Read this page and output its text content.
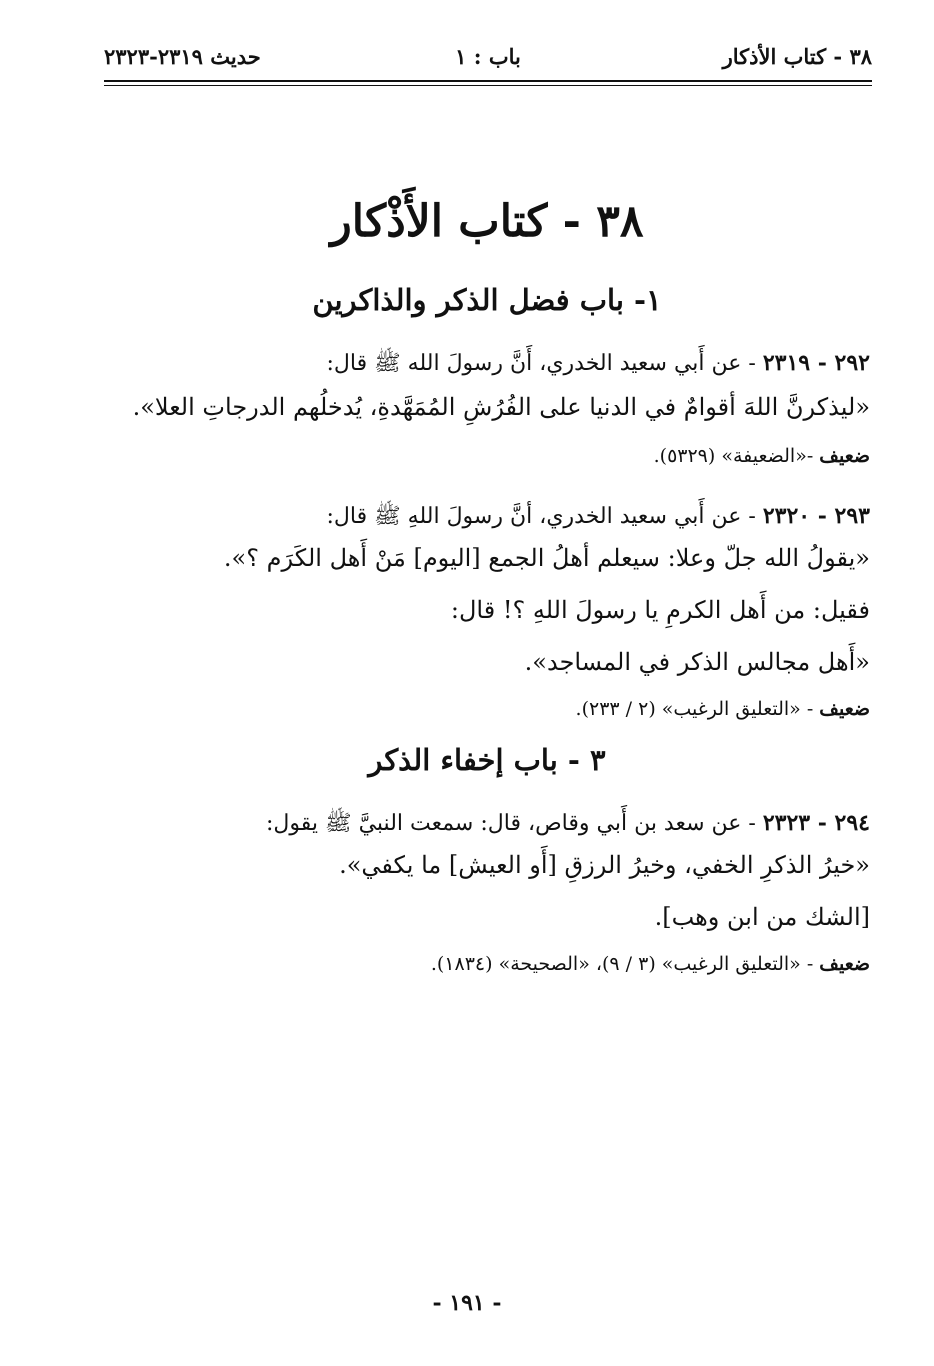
٣٨ - كتاب الأذكار
باب : ١
حديث ٢٣١٩-٢٣٢٣
٣٨ - كتاب الأَذْكار
١- باب فضل الذكر والذاكرين
٢٩٢ - ٢٣١٩ - عن أَبي سعيد الخدري، أَنَّ رسولَ الله ﷺ قال:
«ليذكرنَّ اللهَ أقوامٌ في الدنيا على الفُرُشِ المُمَهَّدةِ، يُدخلُهم الدرجاتِ العلا».
ضعيف -«الضعيفة» (٥٣٢٩).
٢٩٣ - ٢٣٢٠ - عن أَبي سعيد الخدري، أنَّ رسولَ اللهِ ﷺ قال:
«يقولُ الله جلّ وعلا: سيعلم أهلُ الجمع [اليوم] مَنْ أَهل الكَرَم ؟».
فقيل: من أَهل الكرمِ يا رسولَ اللهِ ؟! قال:
«أَهل مجالس الذكر في المساجد».
ضعيف - «التعليق الرغيب» (٢ / ٢٣٣).
٣ - باب إخفاء الذكر
٢٩٤ - ٢٣٢٣ - عن سعد بن أَبي وقاص، قال: سمعت النبيَّ ﷺ يقول:
«خيرُ الذكرِ الخفي، وخيرُ الرزقِ [أَو العيش] ما يكفي».
[الشك من ابن وهب].
ضعيف - «التعليق الرغيب» (٣ / ٩)، «الصحيحة» (١٨٣٤).
- ١٩١ -
